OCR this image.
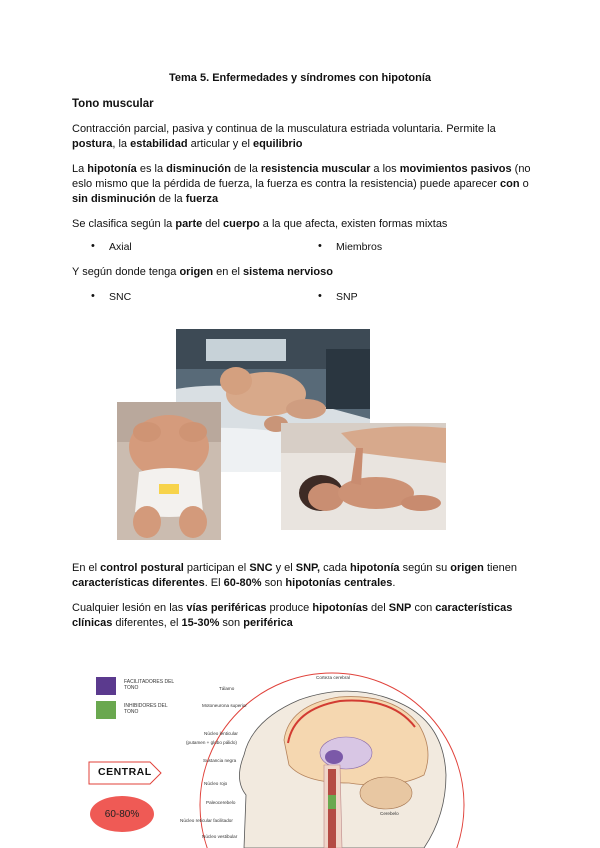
Tema 5. Enfermedades y síndromes con hipotonía
Tono muscular
Contracción parcial, pasiva y continua de la musculatura estriada voluntaria. Permite la postura, la estabilidad articular y el equilibrio
La hipotonía es la disminución de la resistencia muscular a los movimientos pasivos (no eslo mismo que la pérdida de fuerza, la fuerza es contra la resistencia) puede aparecer con o sin disminución de la fuerza
Se clasifica según la parte del cuerpo a la que afecta, existen formas mixtas
• Axial	• Miembros
Y según donde tenga origen en el sistema nervioso
• SNC	• SNP
En el control postural participan el SNC y el SNP, cada hipotonía según su origen tienen características diferentes. El 60-80% son hipotonías centrales.
Cualquier lesión en las vías periféricas produce hipotonías del SNP con características clínicas diferentes, el 15-30% son periférica
FACILITADORES DEL TONO
INHIBIDORES DEL TONO
CENTRAL
60-80%
Corteza cerebral
Tálamo
Motoneurona superior
Núcleo lenticular
(putamen + globo pálido)
Sustancia negra
Núcleo rojo
Paleocerebelo
Núcleo reticular facilitador
Núcleo vestibular
Cerebelo
